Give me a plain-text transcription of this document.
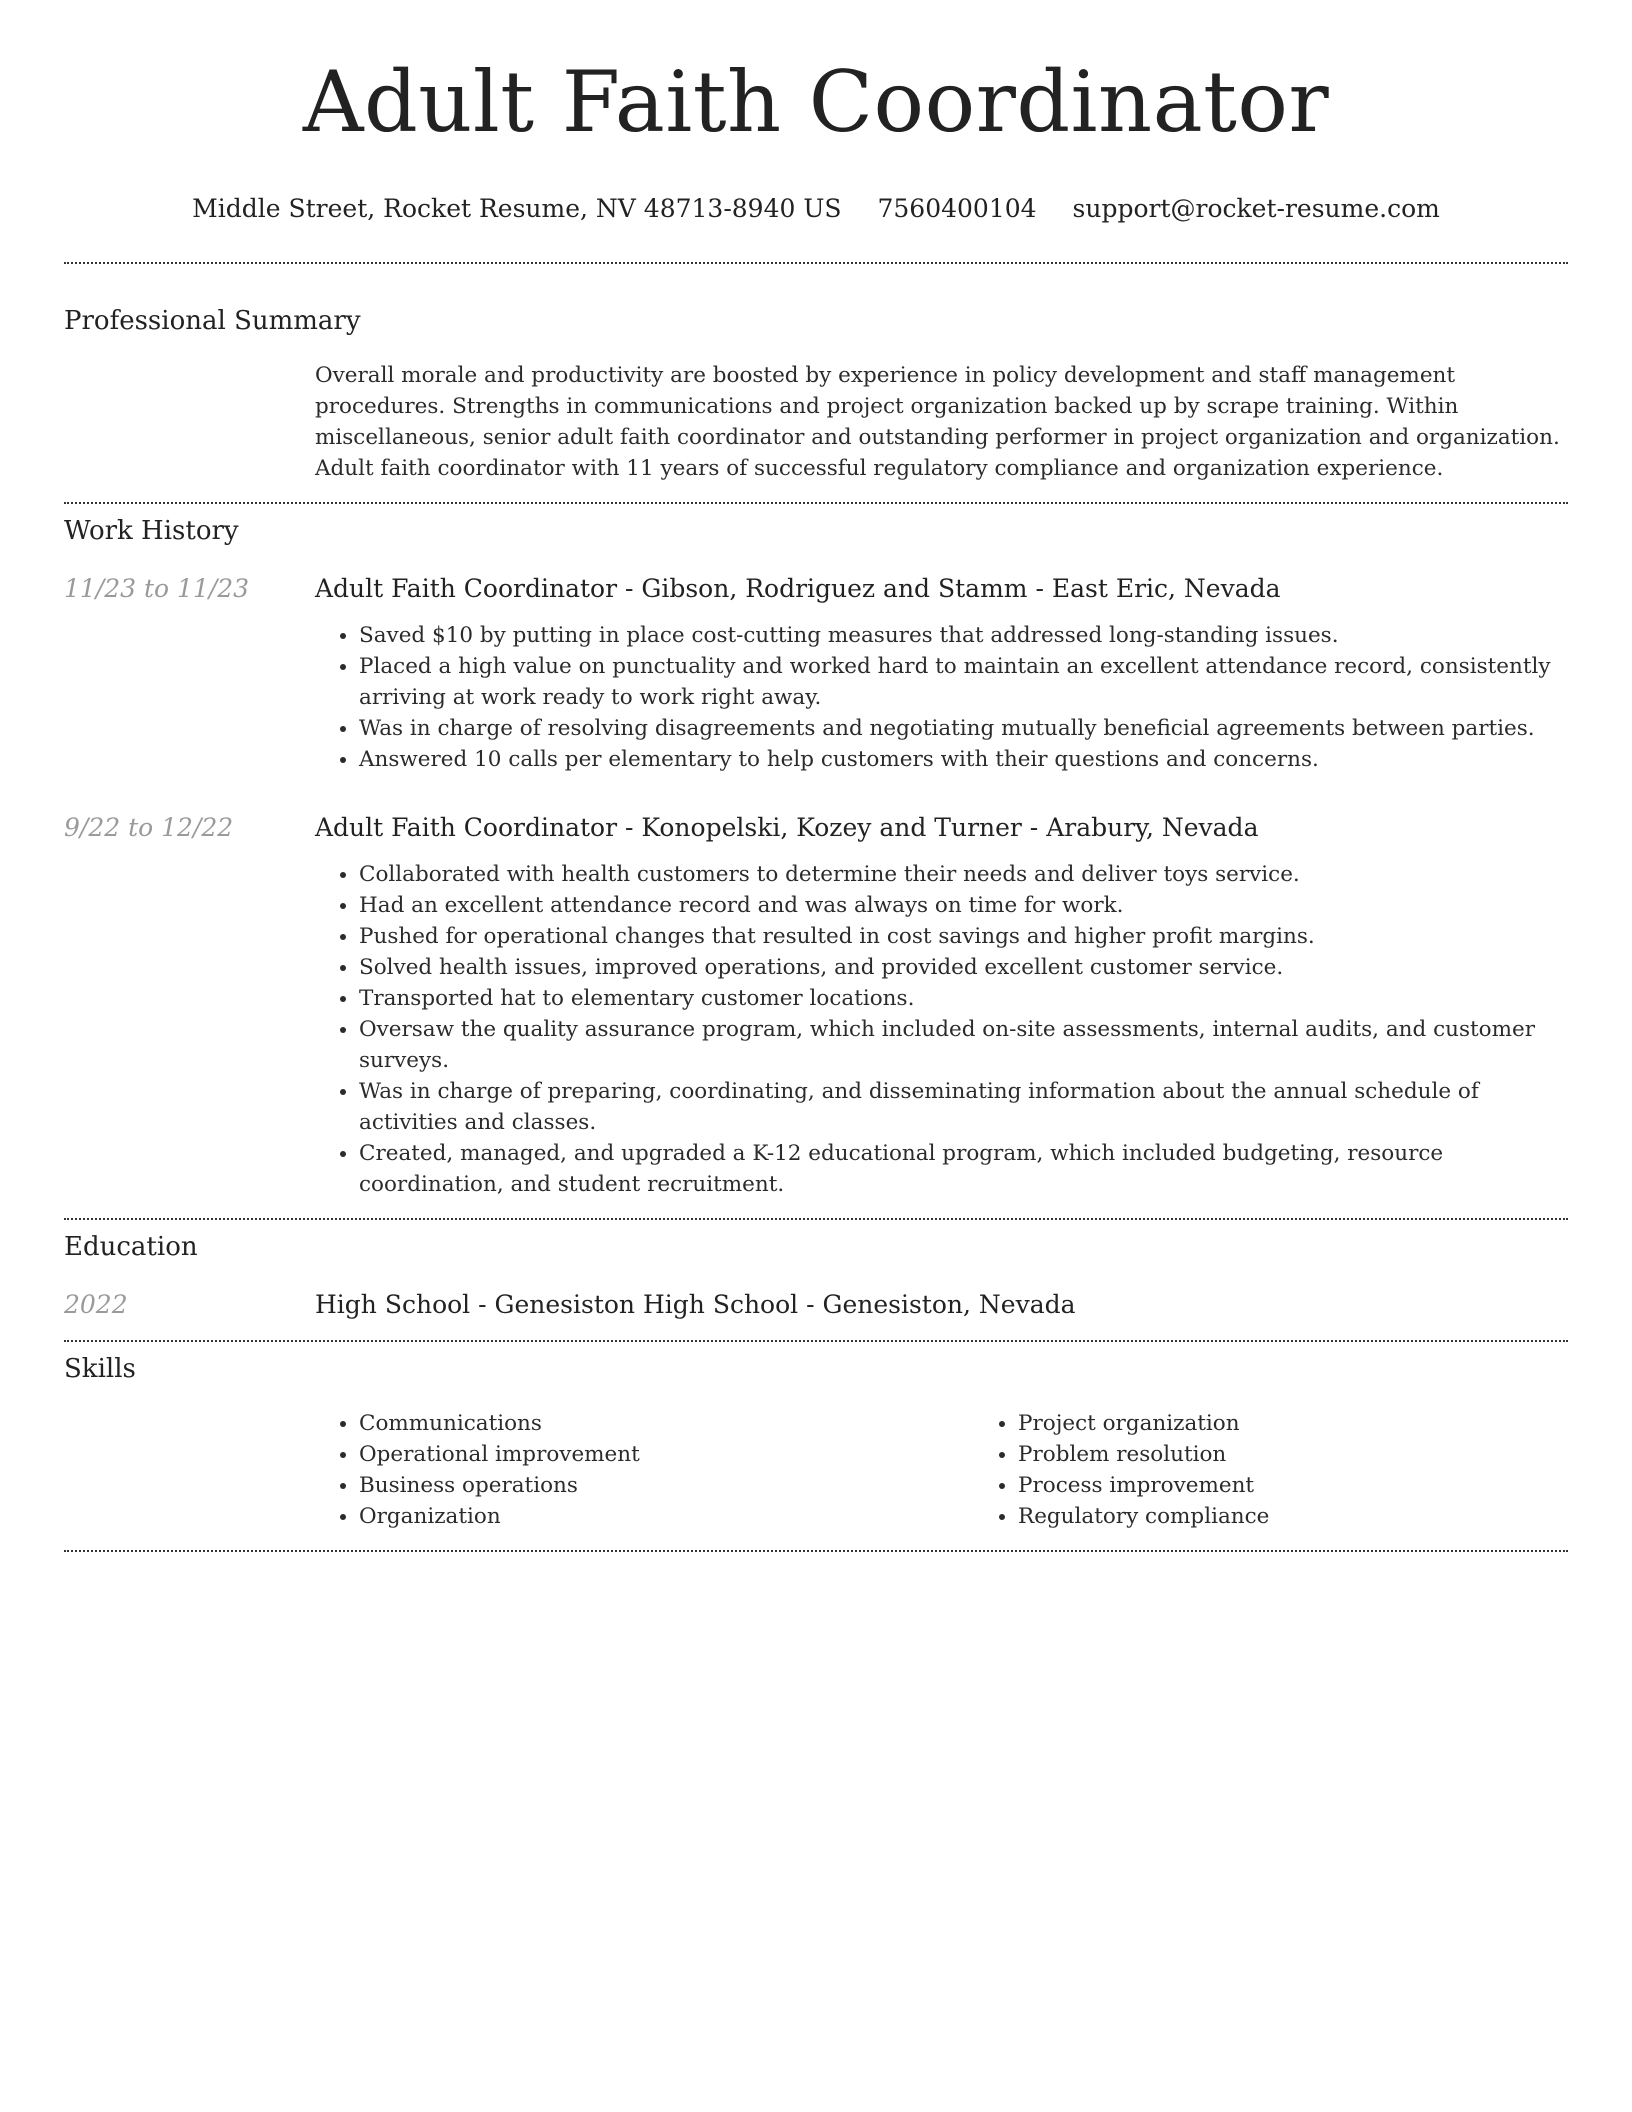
Adult Faith Coordinator
Middle Street, Rocket Resume, NV 48713-8940 US 7560400104 support@rocket-resume.com
Professional Summary

Overall morale and productivity are boosted by experience in policy development and staff management procedures. Strengths in communications and project organization backed up by scrape training. Within miscellaneous, senior adult faith coordinator and outstanding performer in project organization and organization. Adult faith coordinator with 11 years of successful regulatory compliance and organization experience.

Work History
11/23 to 11/23	Adult Faith Coordinator - Gibson, Rodriguez and Stamm - East Eric, Nevada
• Saved $10 by putting in place cost-cutting measures that addressed long-standing issues.
• Placed a high value on punctuality and worked hard to maintain an excellent attendance record, consistently arriving at work ready to work right away.
• Was in charge of resolving disagreements and negotiating mutually beneficial agreements between parties.
• Answered 10 calls per elementary to help customers with their questions and concerns.
9/22 to 12/22	Adult Faith Coordinator - Konopelski, Kozey and Turner - Arabury, Nevada
• Collaborated with health customers to determine their needs and deliver toys service.
• Had an excellent attendance record and was always on time for work.
• Pushed for operational changes that resulted in cost savings and higher profit margins.
• Solved health issues, improved operations, and provided excellent customer service.
• Transported hat to elementary customer locations.
• Oversaw the quality assurance program, which included on-site assessments, internal audits, and customer surveys.
• Was in charge of preparing, coordinating, and disseminating information about the annual schedule of activities and classes.
• Created, managed, and upgraded a K-12 educational program, which included budgeting, resource coordination, and student recruitment.
Education
2022	High School - Genesiston High School - Genesiston, Nevada
Skills
• Communications
• Operational improvement
• Business operations
• Organization
• Project organization
• Problem resolution
• Process improvement
• Regulatory compliance
